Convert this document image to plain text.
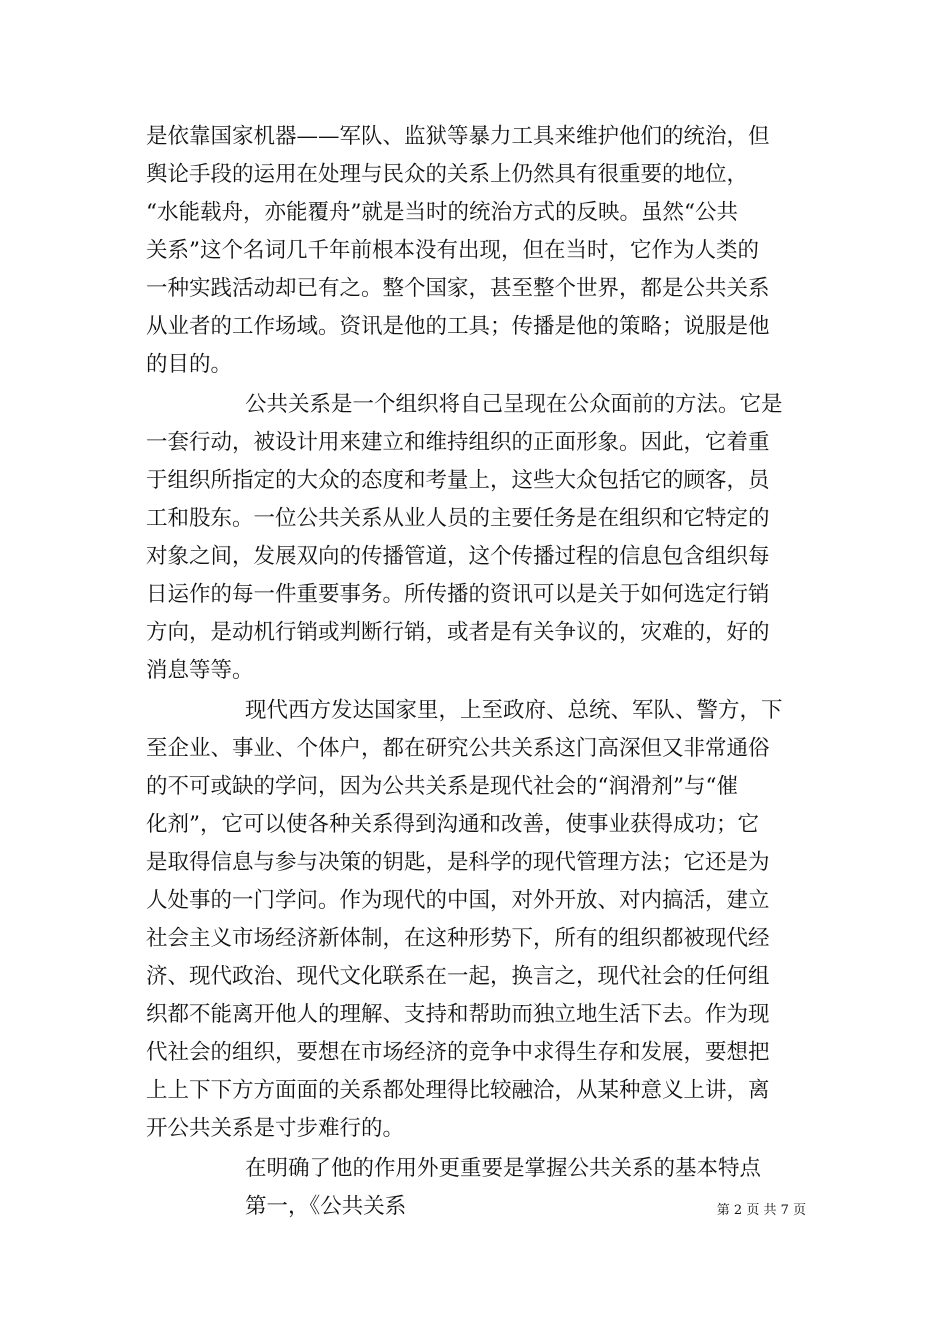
是依靠国家机器——军队、监狱等暴力工具来维护他们的统治，但
舆论手段的运用在处理与民众的关系上仍然具有很重要的地位，
“水能载舟，亦能覆舟”就是当时的统治方式的反映。虽然“公共
关系”这个名词几千年前根本没有出现，但在当时，它作为人类的
一种实践活动却已有之。整个国家，甚至整个世界，都是公共关系
从业者的工作场域。资讯是他的工具；传播是他的策略；说服是他
的目的。
公共关系是一个组织将自己呈现在公众面前的方法。它是
一套行动，被设计用来建立和维持组织的正面形象。因此，它着重
于组织所指定的大众的态度和考量上，这些大众包括它的顾客，员
工和股东。一位公共关系从业人员的主要任务是在组织和它特定的
对象之间，发展双向的传播管道，这个传播过程的信息包含组织每
日运作的每一件重要事务。所传播的资讯可以是关于如何选定行销
方向，是动机行销或判断行销，或者是有关争议的，灾难的，好的
消息等等。
现代西方发达国家里，上至政府、总统、军队、警方，下
至企业、事业、个体户，都在研究公共关系这门高深但又非常通俗
的不可或缺的学问，因为公共关系是现代社会的“润滑剂”与“催
化剂”，它可以使各种关系得到沟通和改善，使事业获得成功；它
是取得信息与参与决策的钥匙，是科学的现代管理方法；它还是为
人处事的一门学问。作为现代的中国，对外开放、对内搞活，建立
社会主义市场经济新体制，在这种形势下，所有的组织都被现代经
济、现代政治、现代文化联系在一起，换言之，现代社会的任何组
织都不能离开他人的理解、支持和帮助而独立地生活下去。作为现
代社会的组织，要想在市场经济的竞争中求得生存和发展，要想把
上上下下方方面面的关系都处理得比较融洽，从某种意义上讲，离
开公共关系是寸步难行的。
在明确了他的作用外更重要是掌握公共关系的基本特点
第一，《公共关系	第 2 页 共 7 页
